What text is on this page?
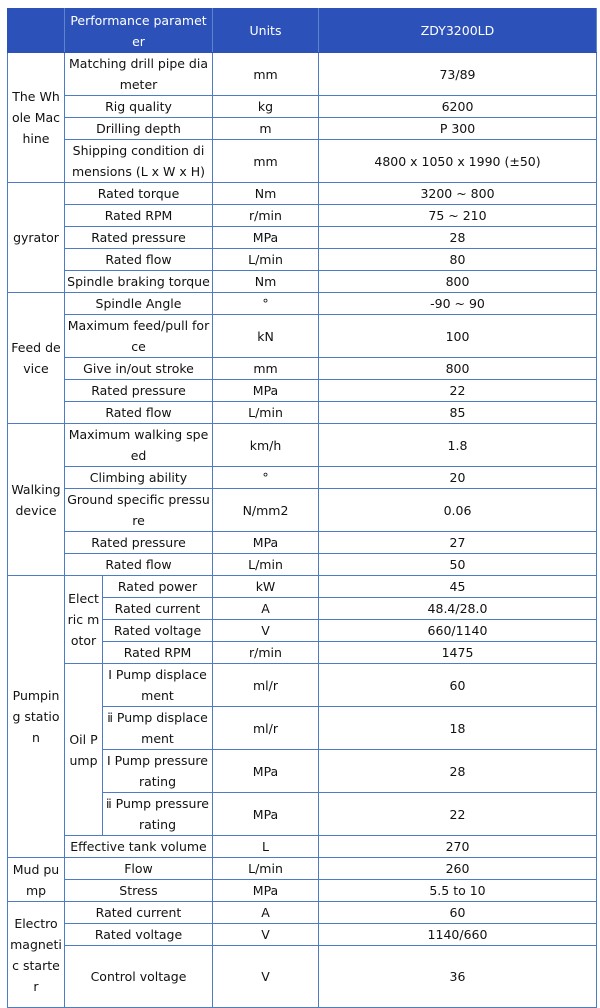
	Performance parameter		Units	ZDY3200LD
The Whole Machine	Matching drill pipe diameter		mm	73/89
	Rig quality		kg	6200
	Drilling depth		m	P 300
	Shipping condition dimensions (L x W x H)		mm	4800 x 1050 x 1990 (±50)
gyrator	Rated torque		Nm	3200 ~ 800
	Rated RPM		r/min	75 ~ 210
	Rated pressure		MPa	28
	Rated flow		L/min	80
	Spindle braking torque		Nm	800
Feed device	Spindle Angle		°	-90 ~ 90
	Maximum feed/pull force		kN	100
	Give in/out stroke		mm	800
	Rated pressure		MPa	22
	Rated flow		L/min	85
Walking device	Maximum walking speed		km/h	1.8
	Climbing ability		°	20
	Ground specific pressure		N/mm2	0.06
	Rated pressure		MPa	27
	Rated flow		L/min	50
Pumping station	Electric motor	Rated power	kW	45
		Rated current	A	48.4/28.0
		Rated voltage	V	660/1140
		Rated RPM	r/min	1475
	Oil Pump	Ⅰ Pump displacement	ml/r	60
		ⅱ Pump displacement	ml/r	18
		Ⅰ Pump pressure rating	MPa	28
		ⅱ Pump pressure rating	MPa	22
	Effective tank volume		L	270
Mud pump	Flow		L/min	260
	Stress		MPa	5.5 to 10
Electromagnetic starter	Rated current		A	60
	Rated voltage		V	1140/660
	Control voltage		V	36
